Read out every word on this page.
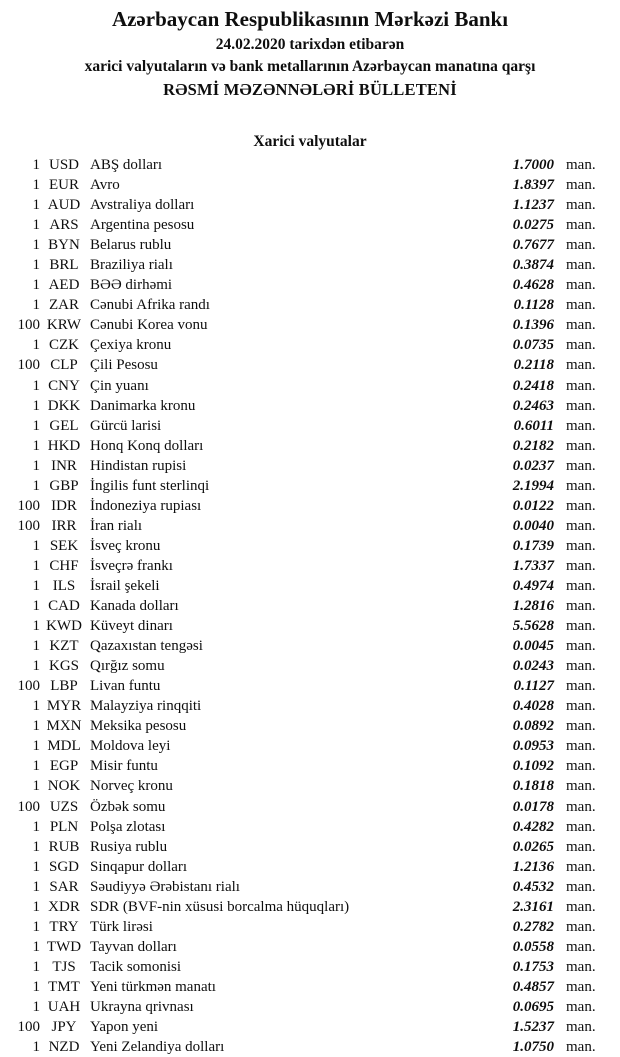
Azərbaycan Respublikasının Mərkəzi Bankı
24.02.2020 tarixdən etibarən
xarici valyutaların və bank metallarının Azərbaycan manatına qarşı
RƏSMİ MƏZƏNNƏLƏRİ BÜLLETENİ
Xarici valyutalar
1 USD ABŞ dolları	1.7000 man.
1 EUR Avro	1.8397 man.
1 AUD Avstraliya dolları	1.1237 man.
1 ARS Argentina pesosu	0.0275 man.
1 BYN Belarus rublu	0.7677 man.
1 BRL Braziliya rialı	0.3874 man.
1 AED BƏƏ dirhəmi	0.4628 man.
1 ZAR Cənubi Afrika randı	0.1128 man.
100 KRW Cənubi Korea vonu	0.1396 man.
1 CZK Çexiya kronu	0.0735 man.
100 CLP Çili Pesosu	0.2118 man.
1 CNY Çin yuanı	0.2418 man.
1 DKK Danimarka kronu	0.2463 man.
1 GEL Gürcü larisi	0.6011 man.
1 HKD Honq Konq dolları	0.2182 man.
1 INR Hindistan rupisi	0.0237 man.
1 GBP İngilis funt sterlinqi	2.1994 man.
100 IDR İndoneziya rupiası	0.0122 man.
100 IRR İran rialı	0.0040 man.
1 SEK İsveç kronu	0.1739 man.
1 CHF İsveçrə frankı	1.7337 man.
1 ILS İsrail şekeli	0.4974 man.
1 CAD Kanada dolları	1.2816 man.
1 KWD Küveyt dinarı	5.5628 man.
1 KZT Qazaxıstan tengəsi	0.0045 man.
1 KGS Qırğız somu	0.0243 man.
100 LBP Livan funtu	0.1127 man.
1 MYR Malayziya rinqqiti	0.4028 man.
1 MXN Meksika pesosu	0.0892 man.
1 MDL Moldova leyi	0.0953 man.
1 EGP Misir funtu	0.1092 man.
1 NOK Norveç kronu	0.1818 man.
100 UZS Özbək somu	0.0178 man.
1 PLN Polşa zlotası	0.4282 man.
1 RUB Rusiya rublu	0.0265 man.
1 SGD Sinqapur dolları	1.2136 man.
1 SAR Səudiyyə Ərəbistanı rialı	0.4532 man.
1 XDR SDR (BVF-nin xüsusi borcalma hüquqları)	2.3161 man.
1 TRY Türk lirəsi	0.2782 man.
1 TWD Tayvan dolları	0.0558 man.
1 TJS Tacik somonisi	0.1753 man.
1 TMT Yeni türkmən manatı	0.4857 man.
1 UAH Ukrayna qrivnası	0.0695 man.
100 JPY Yapon yeni	1.5237 man.
1 NZD Yeni Zelandiya dolları	1.0750 man.
